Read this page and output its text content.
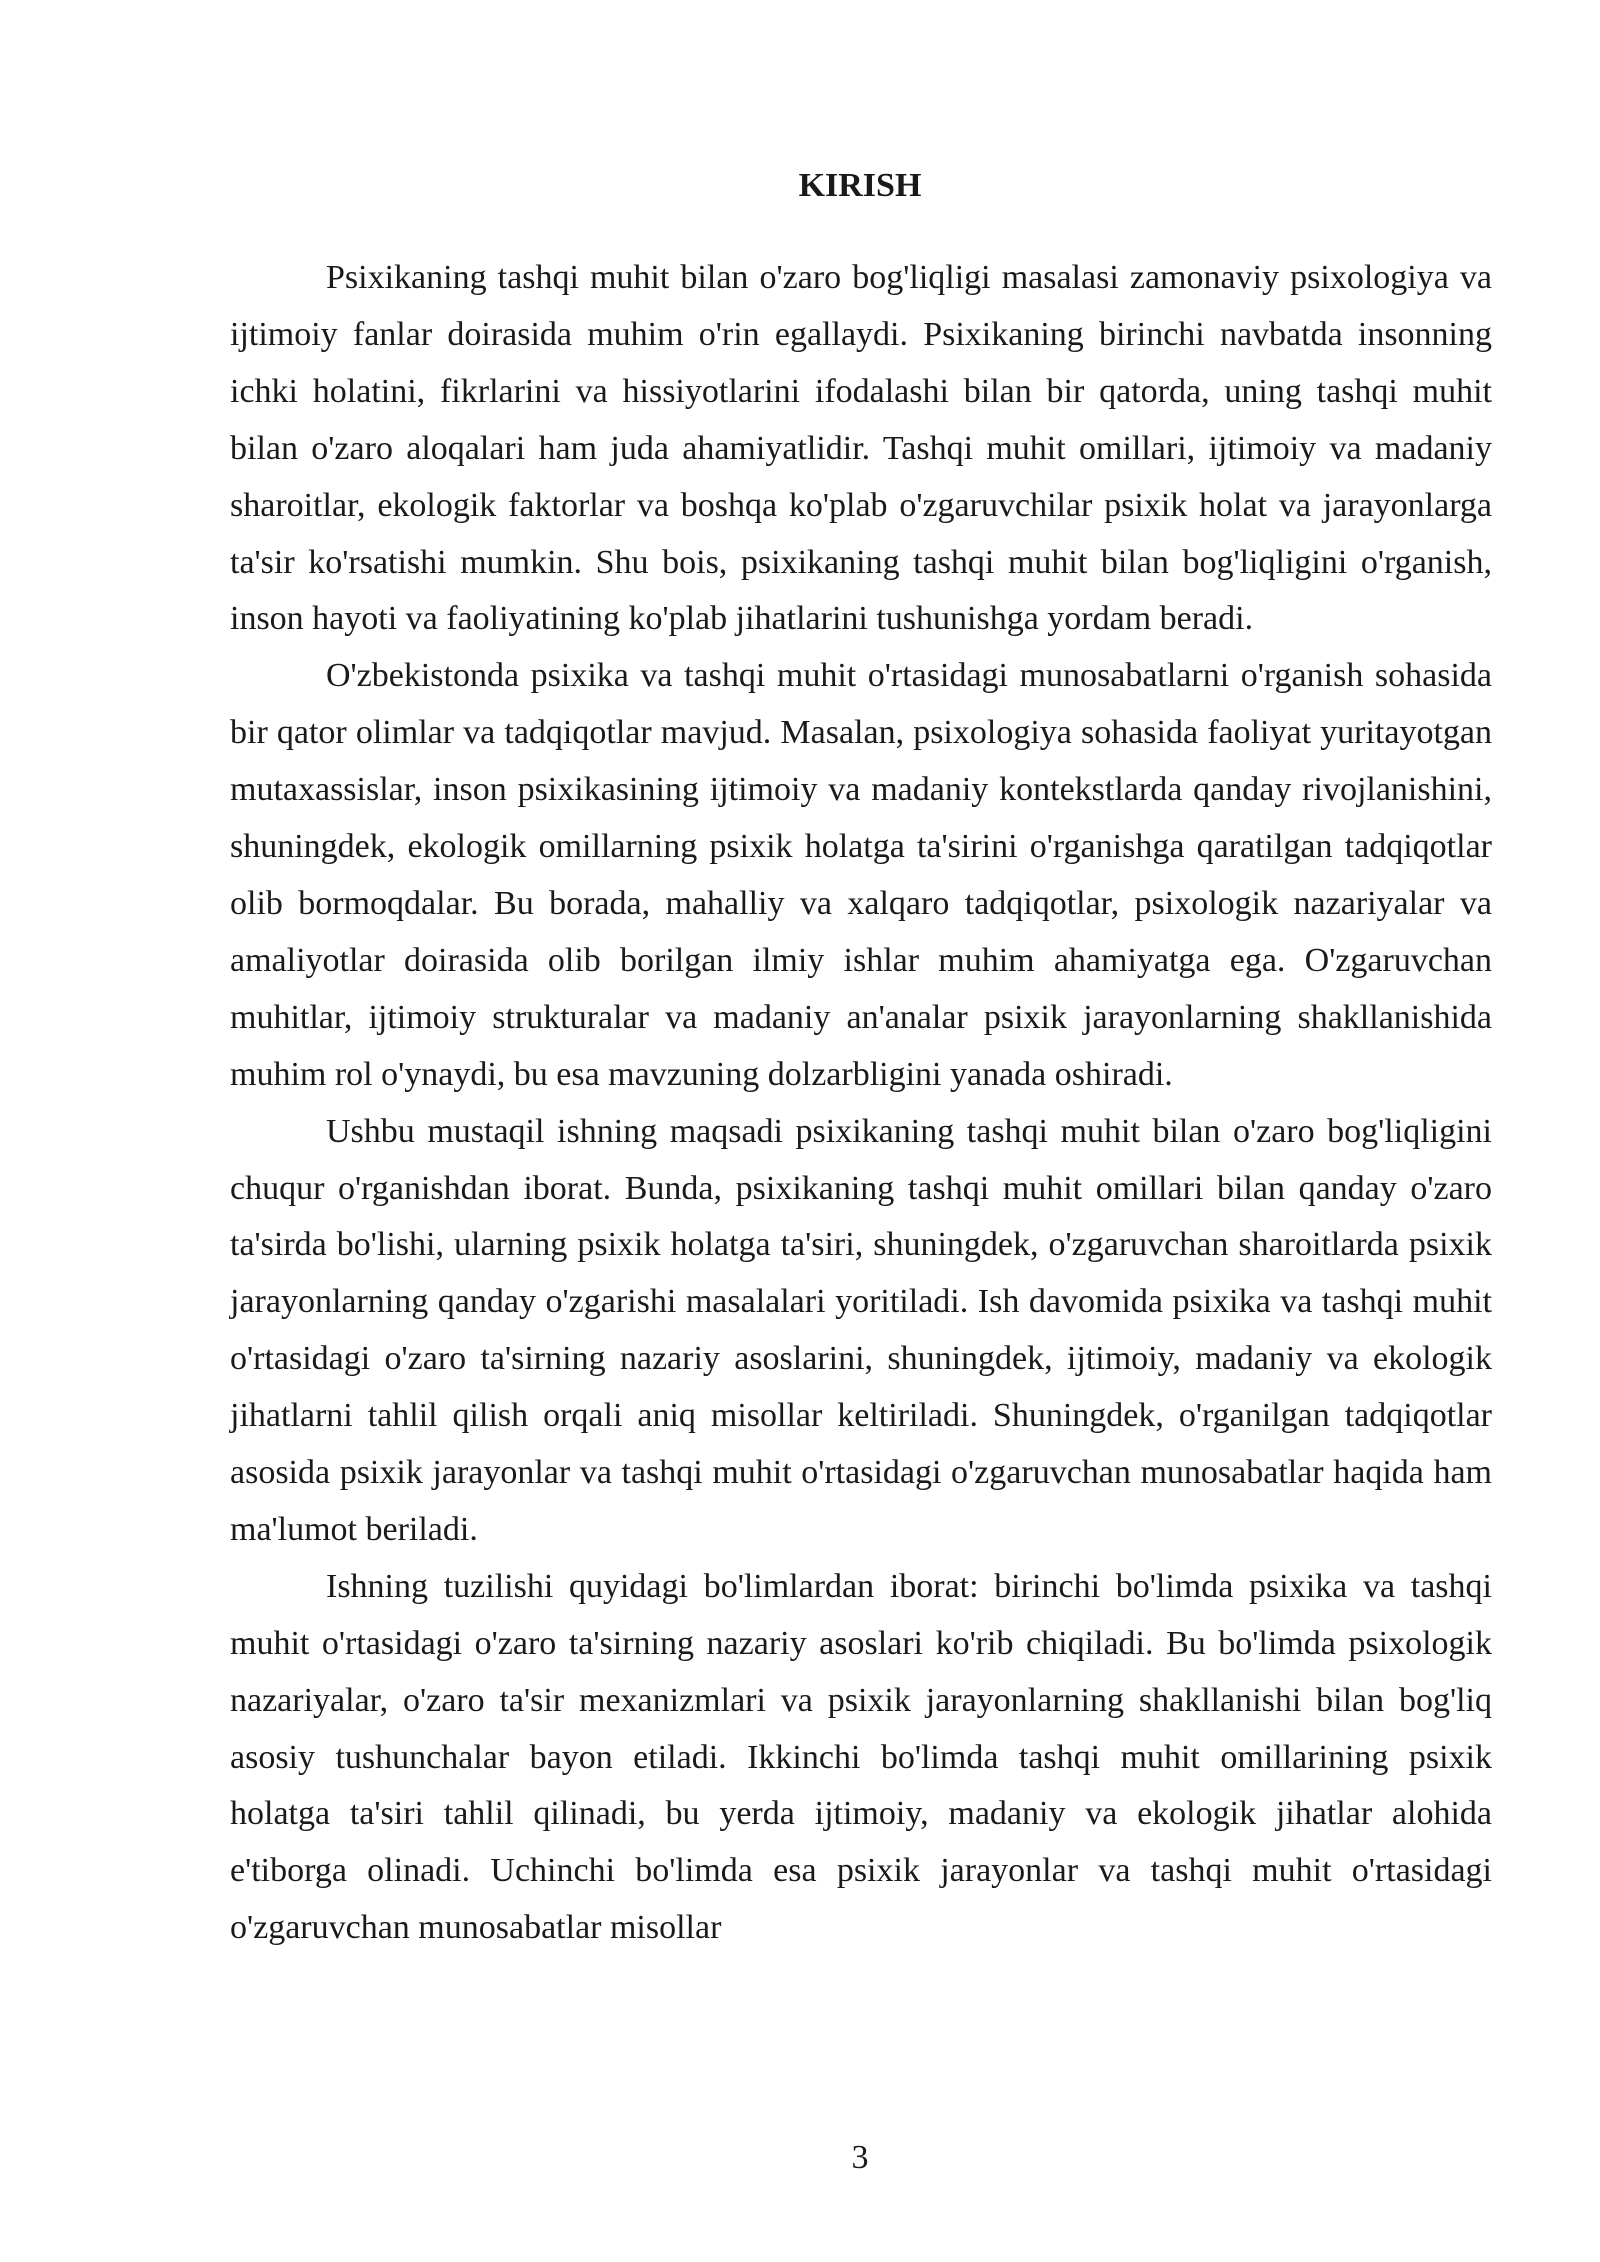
KIRISH

Psixikaning tashqi muhit bilan o'zaro bog'liqligi masalasi zamonaviy psixologiya va ijtimoiy fanlar doirasida muhim o'rin egallaydi. Psixikaning birinchi navbatda insonning ichki holatini, fikrlarini va hissiyotlarini ifodalashi bilan bir qatorda, uning tashqi muhit bilan o'zaro aloqalari ham juda ahamiyatlidir. Tashqi muhit omillari, ijtimoiy va madaniy sharoitlar, ekologik faktorlar va boshqa ko'plab o'zgaruvchilar psixik holat va jarayonlarga ta'sir ko'rsatishi mumkin. Shu bois, psixikaning tashqi muhit bilan bog'liqligini o'rganish, inson hayoti va faoliyatining ko'plab jihatlarini tushunishga yordam beradi.

O'zbekistonda psixika va tashqi muhit o'rtasidagi munosabatlarni o'rganish sohasida bir qator olimlar va tadqiqotlar mavjud. Masalan, psixologiya sohasida faoliyat yuritayotgan mutaxassislar, inson psixikasining ijtimoiy va madaniy kontekstlarda qanday rivojlanishini, shuningdek, ekologik omillarning psixik holatga ta'sirini o'rganishga qaratilgan tadqiqotlar olib bormoqdalar. Bu borada, mahalliy va xalqaro tadqiqotlar, psixologik nazariyalar va amaliyotlar doirasida olib borilgan ilmiy ishlar muhim ahamiyatga ega. O'zgaruvchan muhitlar, ijtimoiy strukturalar va madaniy an'analar psixik jarayonlarning shakllanishida muhim rol o'ynaydi, bu esa mavzuning dolzarbligini yanada oshiradi.

Ushbu mustaqil ishning maqsadi psixikaning tashqi muhit bilan o'zaro bog'liqligini chuqur o'rganishdan iborat. Bunda, psixikaning tashqi muhit omillari bilan qanday o'zaro ta'sirda bo'lishi, ularning psixik holatga ta'siri, shuningdek, o'zgaruvchan sharoitlarda psixik jarayonlarning qanday o'zgarishi masalalari yoritiladi. Ish davomida psixika va tashqi muhit o'rtasidagi o'zaro ta'sirning nazariy asoslarini, shuningdek, ijtimoiy, madaniy va ekologik jihatlarni tahlil qilish orqali aniq misollar keltiriladi. Shuningdek, o'rganilgan tadqiqotlar asosida psixik jarayonlar va tashqi muhit o'rtasidagi o'zgaruvchan munosabatlar haqida ham ma'lumot beriladi.

Ishning tuzilishi quyidagi bo'limlardan iborat: birinchi bo'limda psixika va tashqi muhit o'rtasidagi o'zaro ta'sirning nazariy asoslari ko'rib chiqiladi. Bu bo'limda psixologik nazariyalar, o'zaro ta'sir mexanizmlari va psixik jarayonlarning shakllanishi bilan bog'liq asosiy tushunchalar bayon etiladi. Ikkinchi bo'limda tashqi muhit omillarining psixik holatga ta'siri tahlil qilinadi, bu yerda ijtimoiy, madaniy va ekologik jihatlar alohida e'tiborga olinadi. Uchinchi bo'limda esa psixik jarayonlar va tashqi muhit o'rtasidagi o'zgaruvchan munosabatlar misollar

3
